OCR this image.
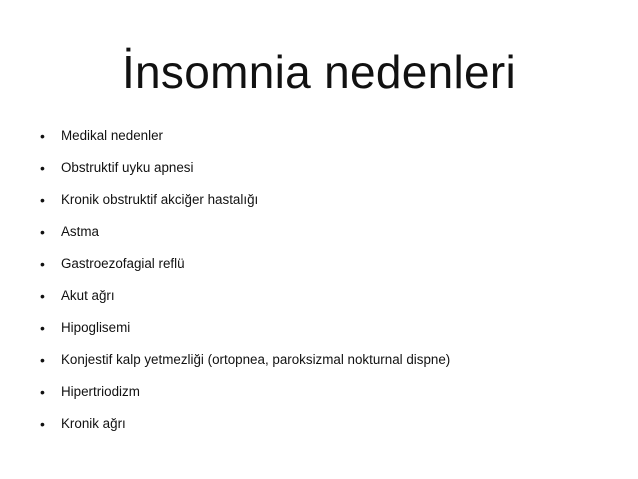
İnsomnia nedenleri
•	Medikal nedenler
•	Obstruktif uyku apnesi
•	Kronik obstruktif akciğer hastalığı
•	Astma
•	Gastroezofagial reflü
•	Akut ağrı
•	Hipoglisemi
•	Konjestif kalp yetmezliği (ortopnea, paroksizmal nokturnal dispne)
•	Hipertriodizm
•	Kronik ağrı
